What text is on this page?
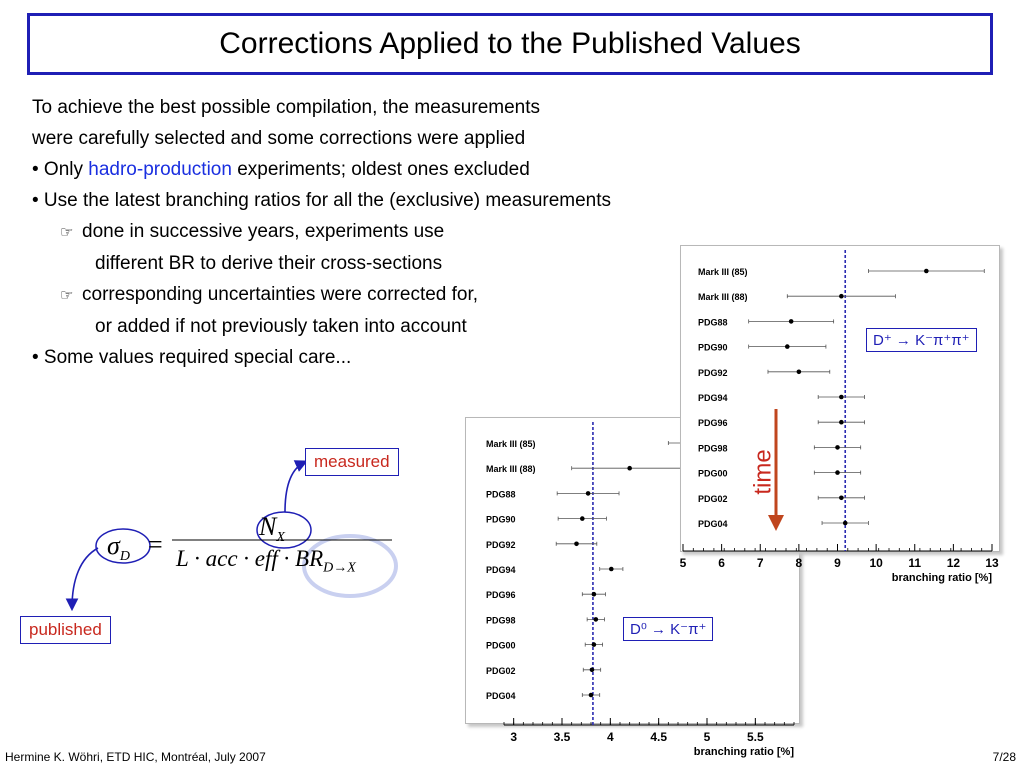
Corrections Applied to the Published Values
To achieve the best possible compilation, the measurements
were carefully selected and some corrections were applied
• Only hadro-production experiments; oldest ones excluded
• Use the latest branching ratios for all the (exclusive) measurements
☞ done in successive years, experiments use
different BR to derive their cross-sections
☞ corresponding uncertainties were corrected for,
or added if not previously taken into account
• Some values required special care...
$\sigma_D$ =
$N_X$
L · acc · eff · $BR_{D\to X}$
measured
published
3	3.5	4	4.5	5	5.5
branching ratio [%]
Mark III (85)
Mark III (88)
PDG88
PDG90
PDG92
PDG94
PDG96
PDG98
PDG00
PDG02
PDG04
5	6	7	8	9 10 11 12 13
branching ratio [%]
Mark III (85)
Mark III (88)
PDG88
PDG90
PDG92
PDG94
PDG96
PDG98
PDG00
PDG02
PDG04
D⁰ → K⁻π⁺
D⁺ → K⁻π⁺π⁺
time
Hermine K. Wöhri, ETD HIC, Montréal, July 2007	7/28
